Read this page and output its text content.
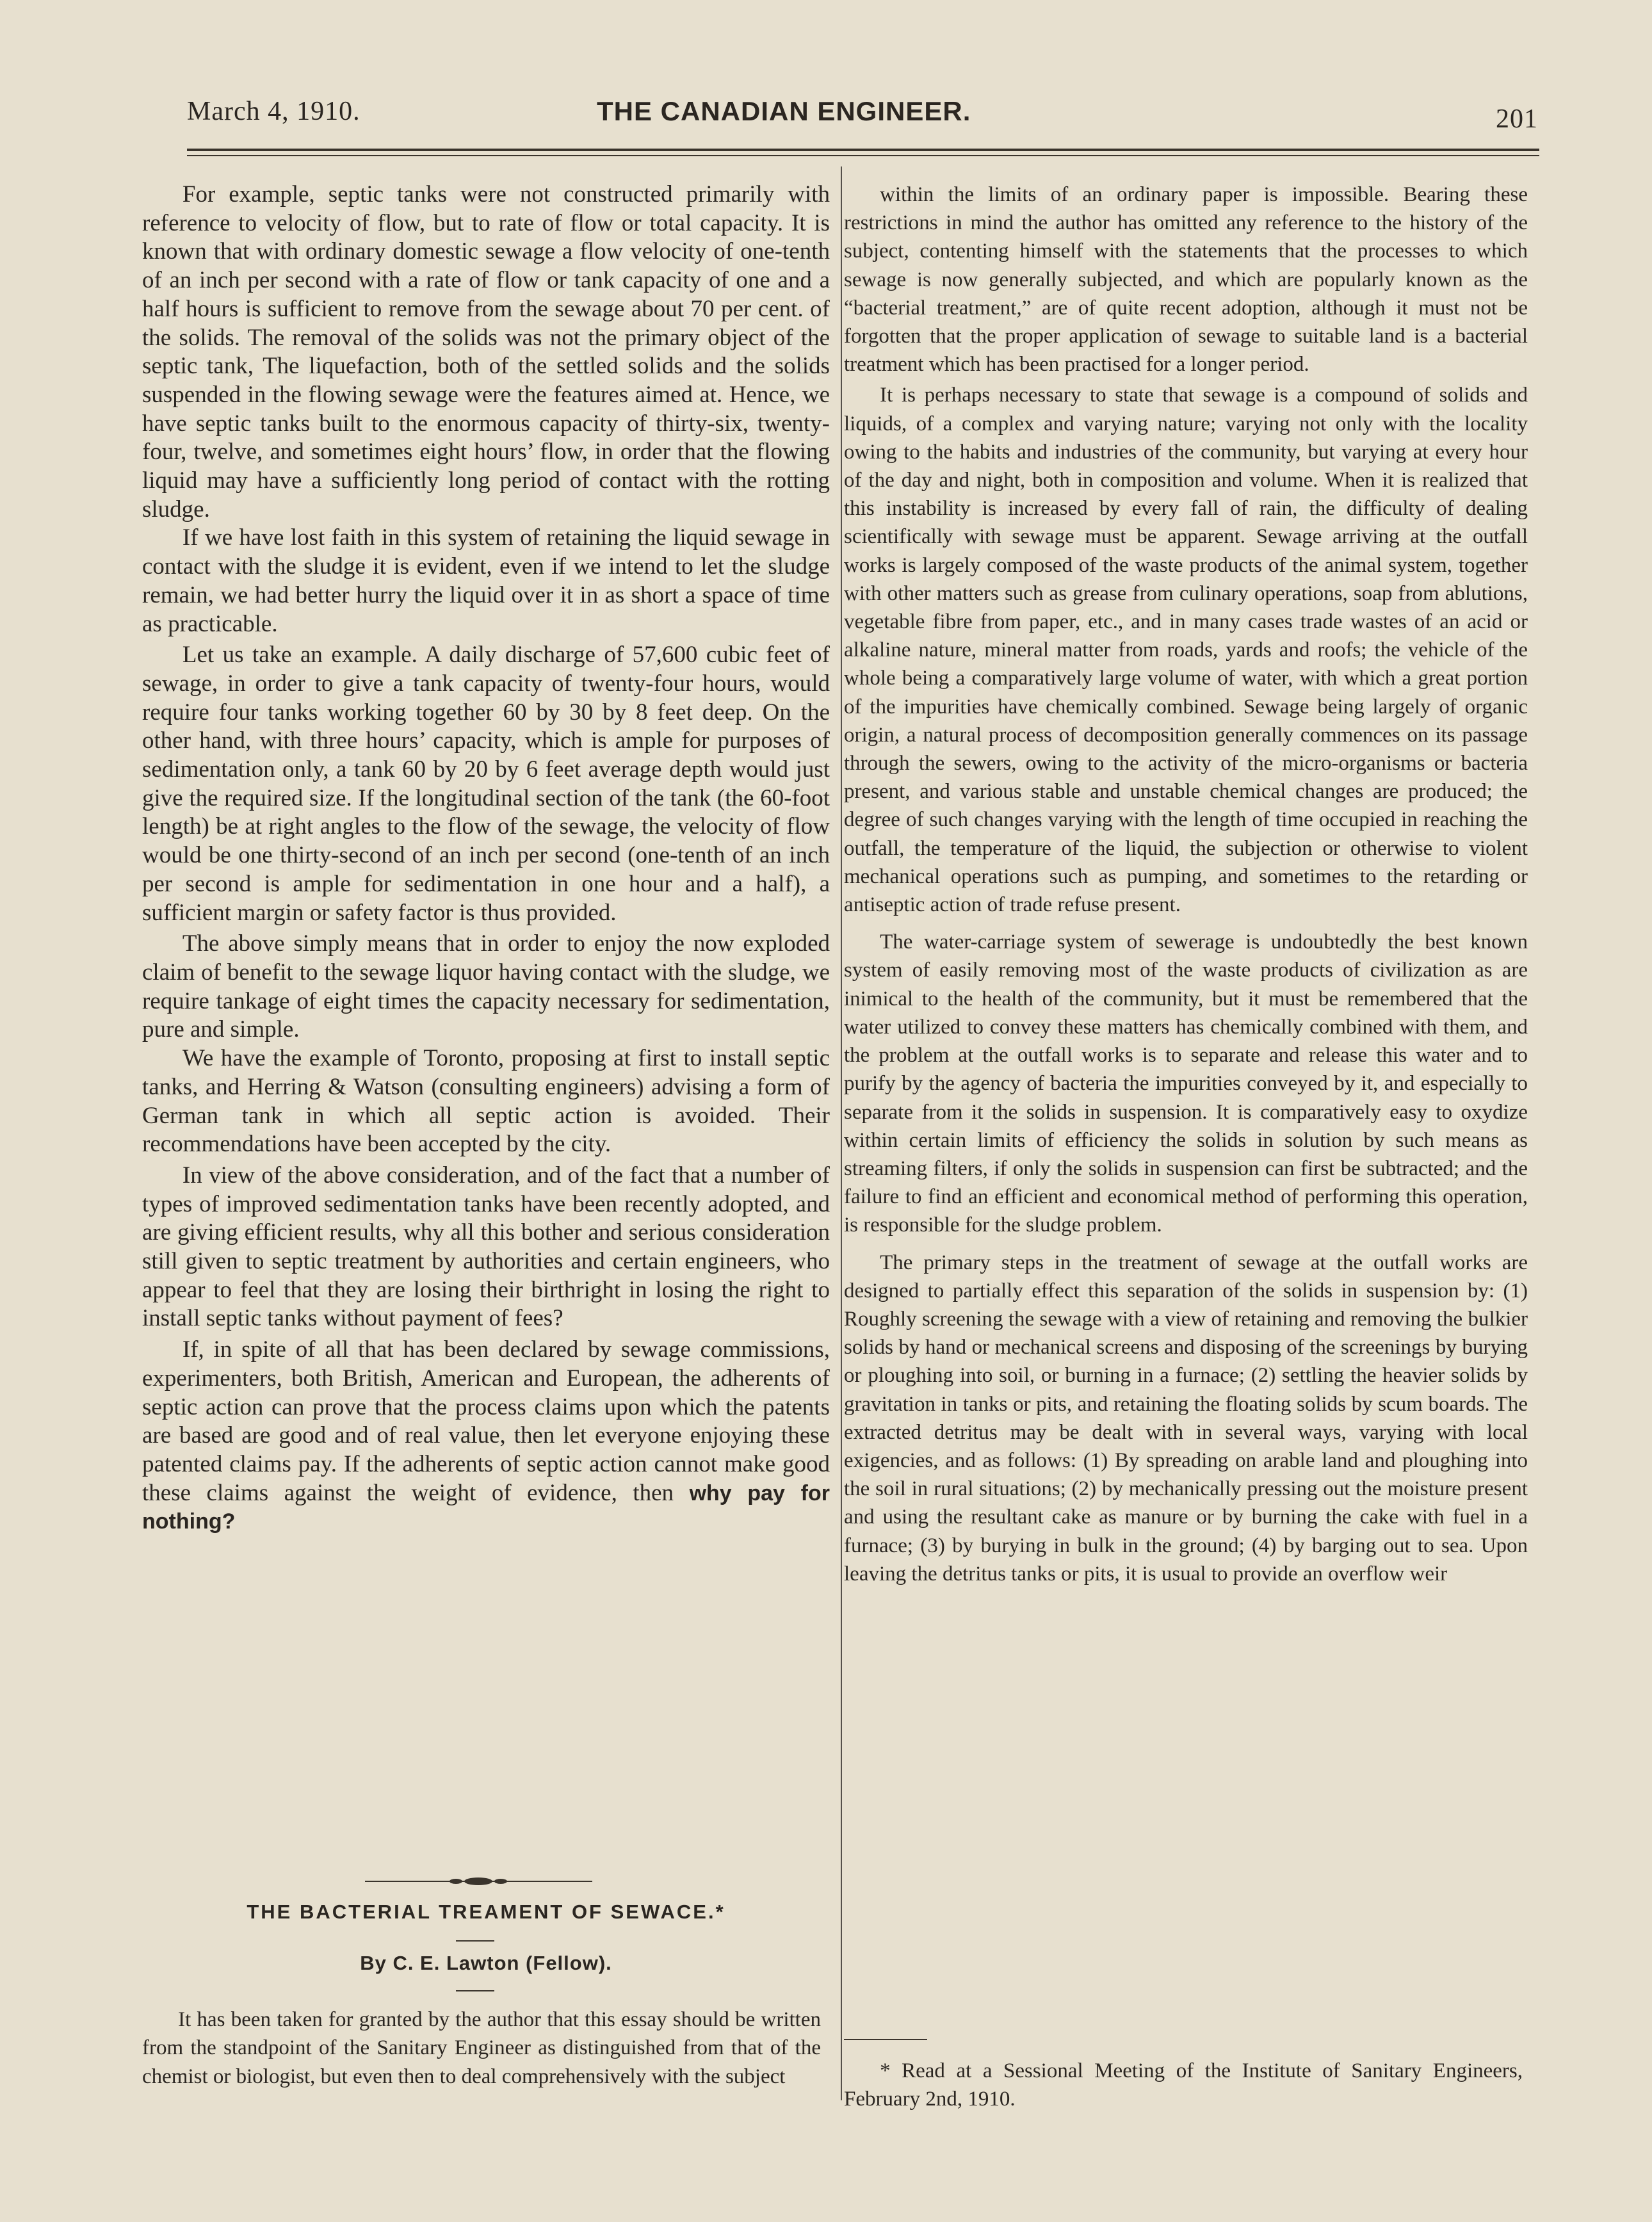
March 4, 1910.	THE CANADIAN ENGINEER.	201

For example, septic tanks were not constructed primarily with reference to velocity of flow, but to rate of flow or total capacity. It is known that with ordinary domestic sewage a flow velocity of one-tenth of an inch per second with a rate of flow or tank capacity of one and a half hours is sufficient to remove from the sewage about 70 per cent. of the solids. The removal of the solids was not the primary object of the septic tank, The liquefaction, both of the settled solids and the solids suspended in the flowing sewage were the features aimed at. Hence, we have septic tanks built to the enormous capacity of thirty-six, twenty-four, twelve, and sometimes eight hours’ flow, in order that the flowing liquid may have a sufficiently long period of contact with the rotting sludge.

If we have lost faith in this system of retaining the liquid sewage in contact with the sludge it is evident, even if we intend to let the sludge remain, we had better hurry the liquid over it in as short a space of time as practicable.

Let us take an example. A daily discharge of 57,600 cubic feet of sewage, in order to give a tank capacity of twenty-four hours, would require four tanks working together 60 by 30 by 8 feet deep. On the other hand, with three hours’ capacity, which is ample for purposes of sedimentation only, a tank 60 by 20 by 6 feet average depth would just give the required size. If the longitudinal section of the tank (the 60-foot length) be at right angles to the flow of the sewage, the velocity of flow would be one thirty-second of an inch per second (one-tenth of an inch per second is ample for sedimentation in one hour and a half), a sufficient margin or safety factor is thus provided.

The above simply means that in order to enjoy the now exploded claim of benefit to the sewage liquor having contact with the sludge, we require tankage of eight times the capacity necessary for sedimentation, pure and simple.

We have the example of Toronto, proposing at first to install septic tanks, and Herring & Watson (consulting engineers) advising a form of German tank in which all septic action is avoided. Their recommendations have been accepted by the city.

In view of the above consideration, and of the fact that a number of types of improved sedimentation tanks have been recently adopted, and are giving efficient results, why all this bother and serious consideration still given to septic treatment by authorities and certain engineers, who appear to feel that they are losing their birthright in losing the right to install septic tanks without payment of fees?

If, in spite of all that has been declared by sewage commissions, experimenters, both British, American and European, the adherents of septic action can prove that the process claims upon which the patents are based are good and of real value, then let everyone enjoying these patented claims pay. If the adherents of septic action cannot make good these claims against the weight of evidence, then why pay for nothing?

THE BACTERIAL TREAMENT OF SEWACE.*
By C. E. Lawton (Fellow).

It has been taken for granted by the author that this essay should be written from the standpoint of the Sanitary Engineer as distinguished from that of the chemist or biologist, but even then to deal comprehensively with the subject

within the limits of an ordinary paper is impossible. Bearing these restrictions in mind the author has omitted any reference to the history of the subject, contenting himself with the statements that the processes to which sewage is now generally subjected, and which are popularly known as the “bacterial treatment,” are of quite recent adoption, although it must not be forgotten that the proper application of sewage to suitable land is a bacterial treatment which has been practised for a longer period.

It is perhaps necessary to state that sewage is a compound of solids and liquids, of a complex and varying nature; varying not only with the locality owing to the habits and industries of the community, but varying at every hour of the day and night, both in composition and volume. When it is realized that this instability is increased by every fall of rain, the difficulty of dealing scientifically with sewage must be apparent. Sewage arriving at the outfall works is largely composed of the waste products of the animal system, together with other matters such as grease from culinary operations, soap from ablutions, vegetable fibre from paper, etc., and in many cases trade wastes of an acid or alkaline nature, mineral matter from roads, yards and roofs; the vehicle of the whole being a comparatively large volume of water, with which a great portion of the impurities have chemically combined. Sewage being largely of organic origin, a natural process of decomposition generally commences on its passage through the sewers, owing to the activity of the micro-organisms or bacteria present, and various stable and unstable chemical changes are produced; the degree of such changes varying with the length of time occupied in reaching the outfall, the temperature of the liquid, the subjection or otherwise to violent mechanical operations such as pumping, and sometimes to the retarding or antiseptic action of trade refuse present.

The water-carriage system of sewerage is undoubtedly the best known system of easily removing most of the waste products of civilization as are inimical to the health of the community, but it must be remembered that the water utilized to convey these matters has chemically combined with them, and the problem at the outfall works is to separate and release this water and to purify by the agency of bacteria the impurities conveyed by it, and especially to separate from it the solids in suspension. It is comparatively easy to oxydize within certain limits of efficiency the solids in solution by such means as streaming filters, if only the solids in suspension can first be subtracted; and the failure to find an efficient and economical method of performing this operation, is responsible for the sludge problem.

The primary steps in the treatment of sewage at the outfall works are designed to partially effect this separation of the solids in suspension by: (1) Roughly screening the sewage with a view of retaining and removing the bulkier solids by hand or mechanical screens and disposing of the screenings by burying or ploughing into soil, or burning in a furnace; (2) settling the heavier solids by gravitation in tanks or pits, and retaining the floating solids by scum boards. The extracted detritus may be dealt with in several ways, varying with local exigencies, and as follows: (1) By spreading on arable land and ploughing into the soil in rural situations; (2) by mechanically pressing out the moisture present and using the resultant cake as manure or by burning the cake with fuel in a furnace; (3) by burying in bulk in the ground; (4) by barging out to sea. Upon leaving the detritus tanks or pits, it is usual to provide an overflow weir

* Read at a Sessional Meeting of the Institute of Sanitary Engineers, February 2nd, 1910.
